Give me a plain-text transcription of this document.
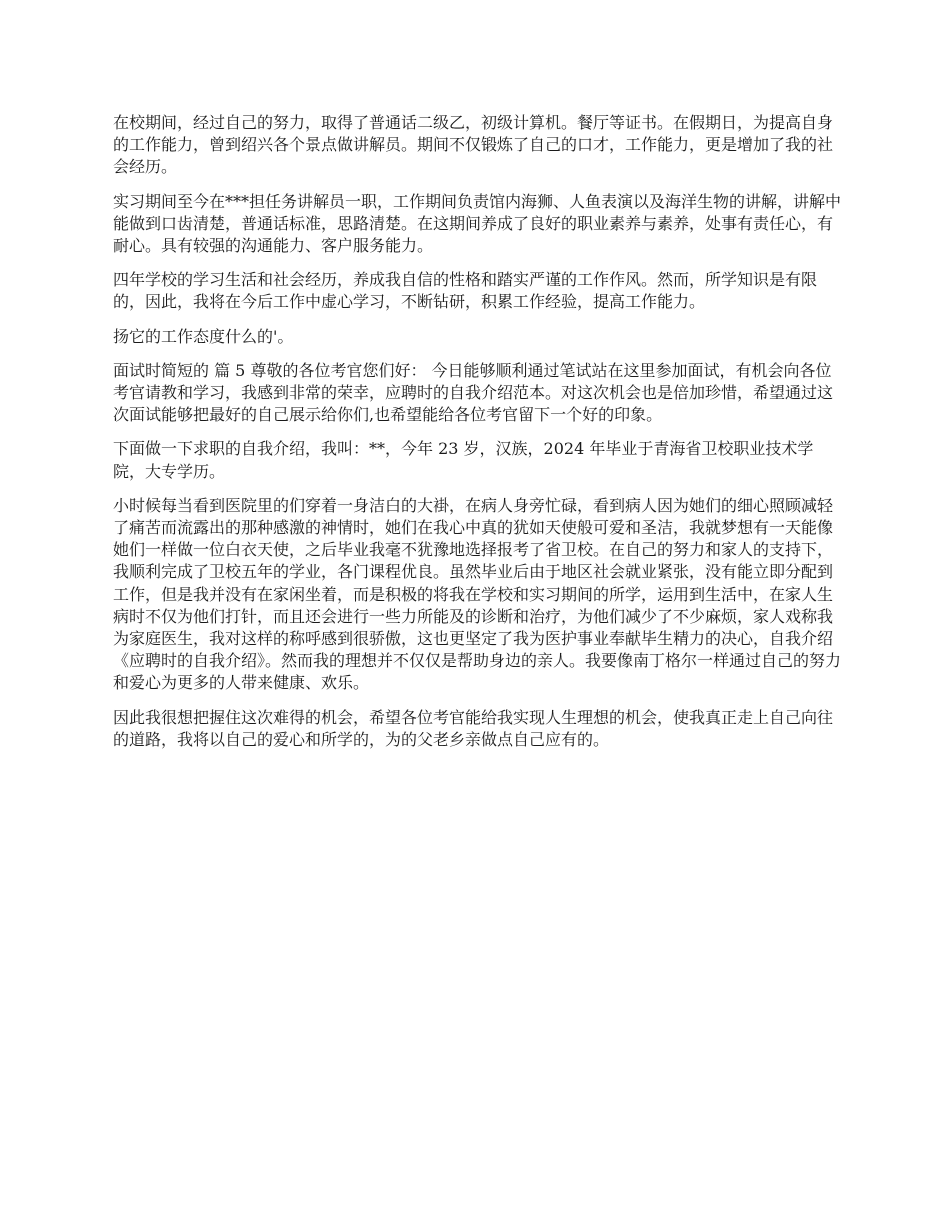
在校期间，经过自己的努力，取得了普通话二级乙，初级计算机。餐厅等证书。在假期日，为提高自身的工作能力，曾到绍兴各个景点做讲解员。期间不仅锻炼了自己的口才，工作能力，更是增加了我的社会经历。

实习期间至今在***担任务讲解员一职，工作期间负责馆内海狮、人鱼表演以及海洋生物的讲解，讲解中能做到口齿清楚，普通话标准，思路清楚。在这期间养成了良好的职业素养与素养，处事有责任心，有耐心。具有较强的沟通能力、客户服务能力。

四年学校的学习生活和社会经历，养成我自信的性格和踏实严谨的工作作风。然而，所学知识是有限的，因此，我将在今后工作中虚心学习，不断钻研，积累工作经验，提高工作能力。

扬它的工作态度什么的'。

面试时简短的 篇 5 尊敬的各位考官您们好： 今日能够顺利通过笔试站在这里参加面试，有机会向各位考官请教和学习，我感到非常的荣幸，应聘时的自我介绍范本。对这次机会也是倍加珍惜，希望通过这次面试能够把最好的自己展示给你们,也希望能给各位考官留下一个好的印象。

下面做一下求职的自我介绍，我叫：**，今年 23 岁，汉族，2024 年毕业于青海省卫校职业技术学院，大专学历。

小时候每当看到医院里的们穿着一身洁白的大褂，在病人身旁忙碌，看到病人因为她们的细心照顾减轻了痛苦而流露出的那种感激的神情时，她们在我心中真的犹如天使般可爱和圣洁，我就梦想有一天能像她们一样做一位白衣天使，之后毕业我毫不犹豫地选择报考了省卫校。在自己的努力和家人的支持下，我顺利完成了卫校五年的学业，各门课程优良。虽然毕业后由于地区社会就业紧张，没有能立即分配到工作，但是我并没有在家闲坐着，而是积极的将我在学校和实习期间的所学，运用到生活中，在家人生病时不仅为他们打针，而且还会进行一些力所能及的诊断和治疗，为他们减少了不少麻烦，家人戏称我为家庭医生，我对这样的称呼感到很骄傲，这也更坚定了我为医护事业奉献毕生精力的决心，自我介绍《应聘时的自我介绍》。然而我的理想并不仅仅是帮助身边的亲人。我要像南丁格尔一样通过自己的努力和爱心为更多的人带来健康、欢乐。

因此我很想把握住这次难得的机会，希望各位考官能给我实现人生理想的机会，使我真正走上自己向往的道路，我将以自己的爱心和所学的，为的父老乡亲做点自己应有的。
